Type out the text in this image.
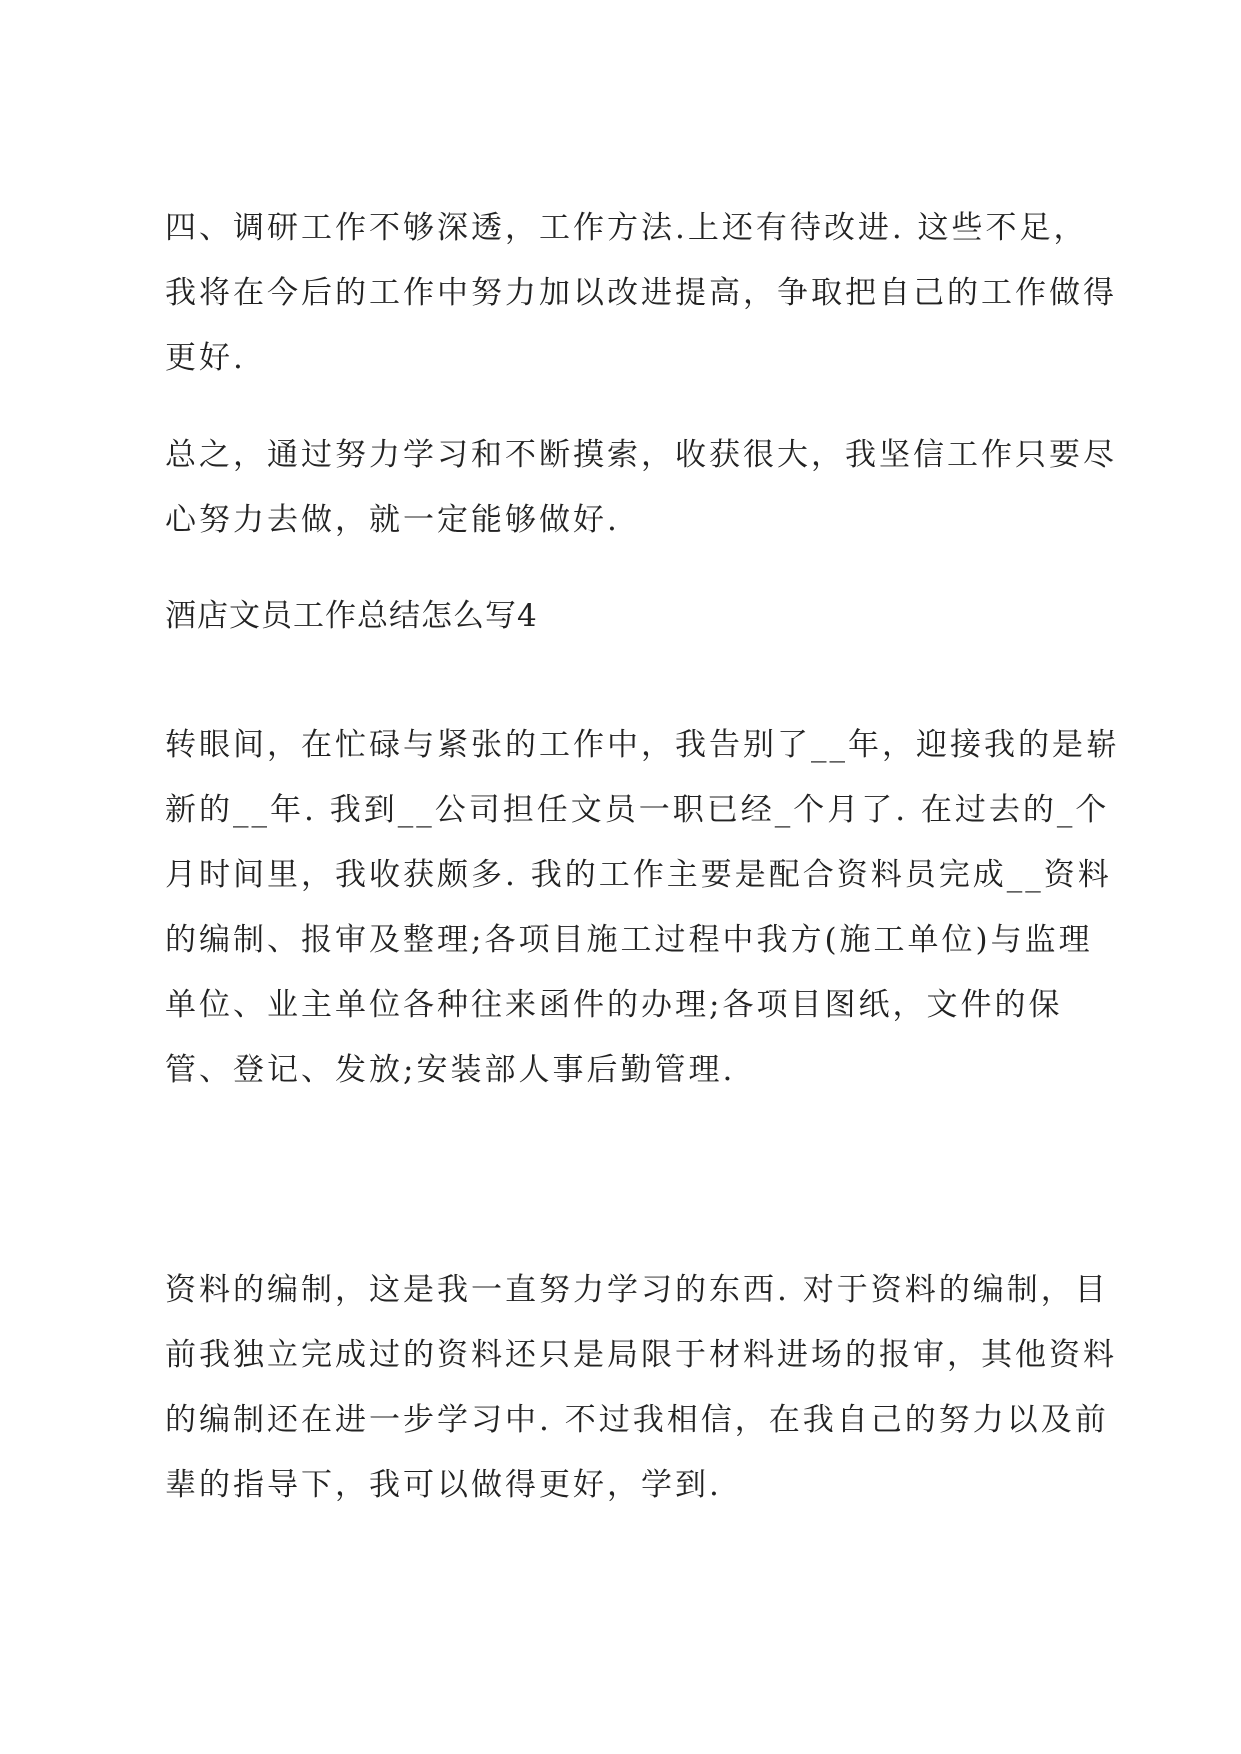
四、调研工作不够深透，工作方法.上还有待改进. 这些不足，
我将在今后的工作中努力加以改进提高，争取把自己的工作做得
更好.
总之，通过努力学习和不断摸索，收获很大，我坚信工作只要尽
心努力去做，就一定能够做好.
酒店文员工作总结怎么写4
转眼间，在忙碌与紧张的工作中，我告别了__年，迎接我的是崭
新的__年. 我到__公司担任文员一职已经_个月了. 在过去的_个
月时间里，我收获颇多. 我的工作主要是配合资料员完成__资料
的编制、报审及整理;各项目施工过程中我方(施工单位)与监理
单位、业主单位各种往来函件的办理;各项目图纸，文件的保
管、登记、发放;安装部人事后勤管理.
资料的编制，这是我一直努力学习的东西. 对于资料的编制，目
前我独立完成过的资料还只是局限于材料进场的报审，其他资料
的编制还在进一步学习中. 不过我相信，在我自己的努力以及前
辈的指导下，我可以做得更好，学到.
